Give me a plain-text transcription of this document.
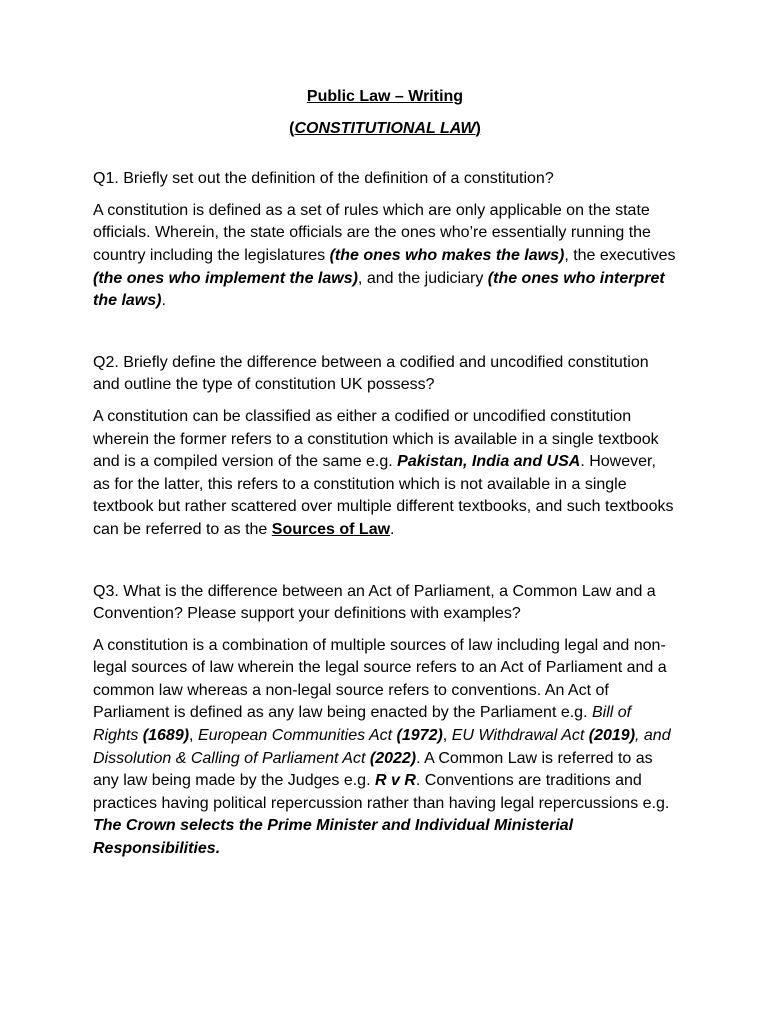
Public Law – Writing

(CONSTITUTIONAL LAW)

Q1. Briefly set out the definition of the definition of a constitution?

A constitution is defined as a set of rules which are only applicable on the state officials. Wherein, the state officials are the ones who’re essentially running the country including the legislatures (the ones who makes the laws), the executives (the ones who implement the laws), and the judiciary (the ones who interpret the laws).

Q2. Briefly define the difference between a codified and uncodified constitution and outline the type of constitution UK possess?

A constitution can be classified as either a codified or uncodified constitution wherein the former refers to a constitution which is available in a single textbook and is a compiled version of the same e.g. Pakistan, India and USA. However, as for the latter, this refers to a constitution which is not available in a single textbook but rather scattered over multiple different textbooks, and such textbooks can be referred to as the Sources of Law.

Q3. What is the difference between an Act of Parliament, a Common Law and a Convention? Please support your definitions with examples?

A constitution is a combination of multiple sources of law including legal and non-legal sources of law wherein the legal source refers to an Act of Parliament and a common law whereas a non-legal source refers to conventions. An Act of Parliament is defined as any law being enacted by the Parliament e.g. Bill of Rights (1689), European Communities Act (1972), EU Withdrawal Act (2019), and Dissolution & Calling of Parliament Act (2022). A Common Law is referred to as any law being made by the Judges e.g. R v R. Conventions are traditions and practices having political repercussion rather than having legal repercussions e.g. The Crown selects the Prime Minister and Individual Ministerial Responsibilities.
